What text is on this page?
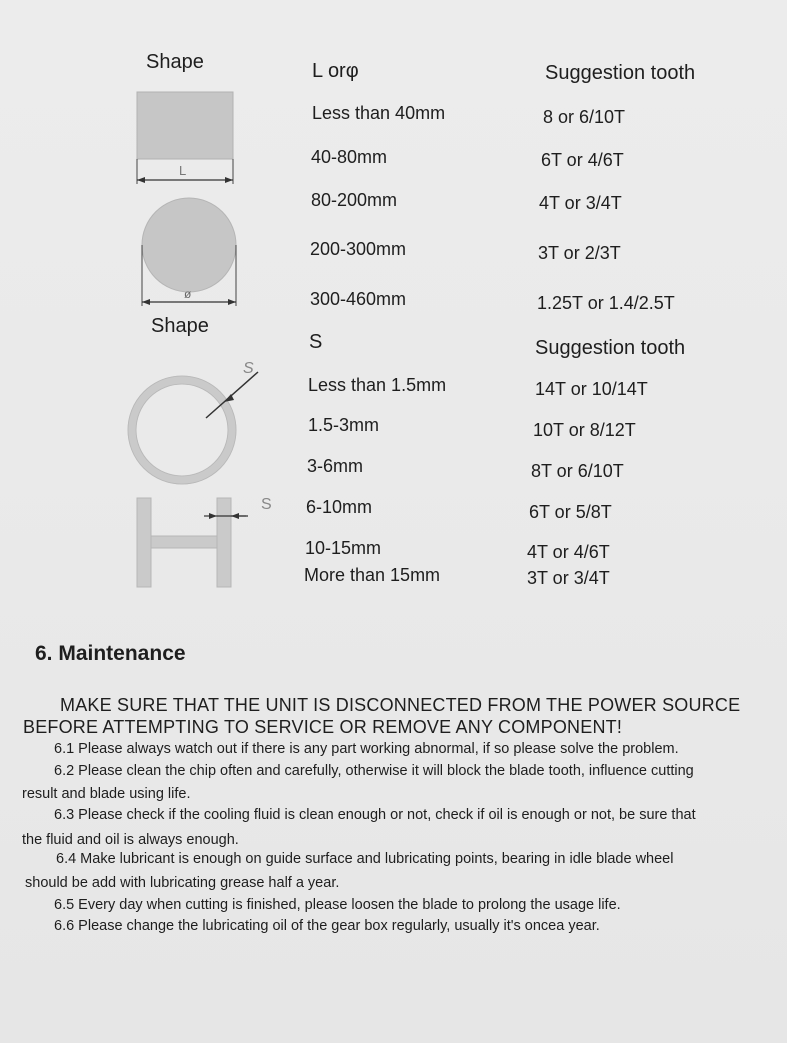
L
ø
S
S
Shape	L orφ	Suggestion tooth
Less than 40mm	8 or 6/10T
40-80mm	6T or 4/6T
80-200mm	4T or 3/4T
200-300mm	3T or 2/3T
300-460mm	1.25T or 1.4/2.5T
Shape
S	Suggestion tooth
Less than 1.5mm	14T or 10/14T
1.5-3mm	10T or 8/12T
3-6mm	8T or 6/10T
6-10mm	6T or 5/8T
10-15mm	4T or 4/6T
More than 15mm	3T or 3/4T
6. Maintenance
MAKE SURE THAT THE UNIT IS DISCONNECTED FROM THE POWER SOURCE
BEFORE ATTEMPTING TO SERVICE OR REMOVE ANY COMPONENT!
6.1 Please always watch out if there is any part working abnormal, if so please solve the problem.
6.2 Please clean the chip often and carefully, otherwise it will block the blade tooth, influence cutting
result and blade using life.
6.3 Please check if the cooling fluid is clean enough or not, check if oil is enough or not, be sure that
the fluid and oil is always enough.
6.4 Make lubricant is enough on guide surface and lubricating points, bearing in idle blade wheel
should be add with lubricating grease half a year.
6.5 Every day when cutting is finished, please loosen the blade to prolong the usage life.
6.6 Please change the lubricating oil of the gear box regularly, usually it's oncea year.
